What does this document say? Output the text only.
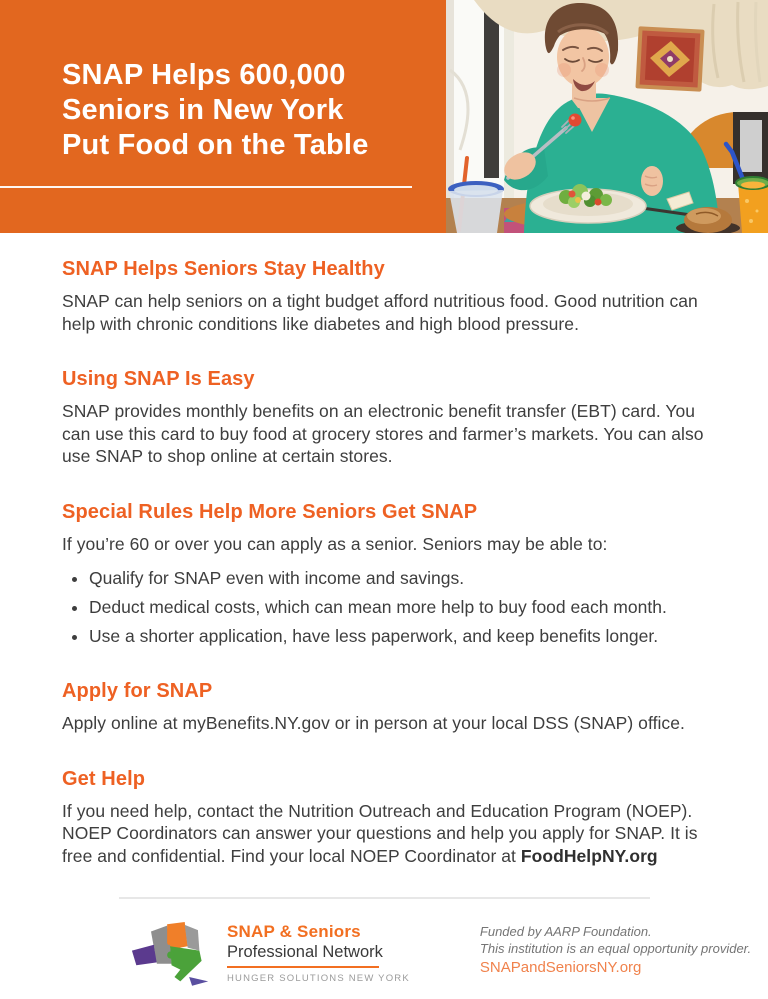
SNAP Helps 600,000
Seniors in New York
Put Food on the Table
SNAP Helps Seniors Stay Healthy

SNAP can help seniors on a tight budget afford nutritious food. Good nutrition can help with chronic conditions like diabetes and high blood pressure.

Using SNAP Is Easy

SNAP provides monthly benefits on an electronic benefit transfer (EBT) card. You can use this card to buy food at grocery stores and farmer’s markets. You can also use SNAP to shop online at certain stores.

Special Rules Help More Seniors Get SNAP

If you’re 60 or over you can apply as a senior. Seniors may be able to:

• Qualify for SNAP even with income and savings.
• Deduct medical costs, which can mean more help to buy food each month.
• Use a shorter application, have less paperwork, and keep benefits longer.
Apply for SNAP

Apply online at myBenefits.NY.gov or in person at your local DSS (SNAP) office.

Get Help

If you need help, contact the Nutrition Outreach and Education Program (NOEP). NOEP Coordinators can answer your questions and help you apply for SNAP. It is free and confidential. Find your local NOEP Coordinator at FoodHelpNY.org

SNAP & Seniors
Professional Network
HUNGER SOLUTIONS NEW YORK
Funded by AARP Foundation.
This institution is an equal opportunity provider.
SNAPandSeniorsNY.org
